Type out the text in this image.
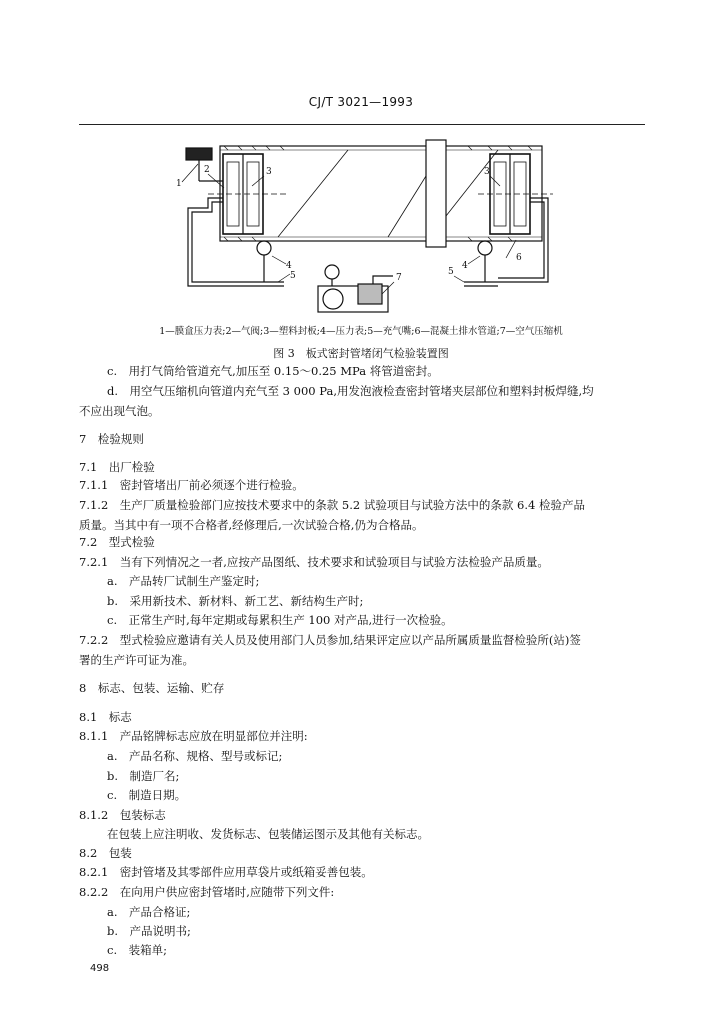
CJ/T 3021—1993
1
2	3	3
4	4
5	5
6
7
1—膜盒压力表;2—气阀;3—塑料封板;4—压力表;5—充气嘴;6—混凝土排水管道;7—空气压缩机
图 3　板式密封管堵闭气检验装置图
c.　用打气筒给管道充气,加压至 0.15～0.25 MPa 将管道密封。
d.　用空气压缩机向管道内充气至 3 000 Pa,用发泡液检查密封管堵夹层部位和塑料封板焊缝,均
不应出现气泡。
7　检验规则
7.1　出厂检验
7.1.1　密封管堵出厂前必须逐个进行检验。
7.1.2　生产厂质量检验部门应按技术要求中的条款 5.2 试验项目与试验方法中的条款 6.4 检验产品
质量。当其中有一项不合格者,经修理后,一次试验合格,仍为合格品。
7.2　型式检验
7.2.1　当有下列情况之一者,应按产品图纸、技术要求和试验项目与试验方法检验产品质量。
a.　产品转厂试制生产鉴定时;
b.　采用新技术、新材料、新工艺、新结构生产时;
c.　正常生产时,每年定期或每累积生产 100 对产品,进行一次检验。
7.2.2　型式检验应邀请有关人员及使用部门人员参加,结果评定应以产品所属质量监督检验所(站)签
署的生产许可证为准。
8　标志、包装、运输、贮存
8.1　标志
8.1.1　产品铭牌标志应放在明显部位并注明:
a.　产品名称、规格、型号或标记;
b.　制造厂名;
c.　制造日期。
8.1.2　包装标志
在包装上应注明收、发货标志、包装储运图示及其他有关标志。
8.2　包装
8.2.1　密封管堵及其零部件应用草袋片或纸箱妥善包装。
8.2.2　在向用户供应密封管堵时,应随带下列文件:
a.　产品合格证;
b.　产品说明书;
c.　装箱单;
498
